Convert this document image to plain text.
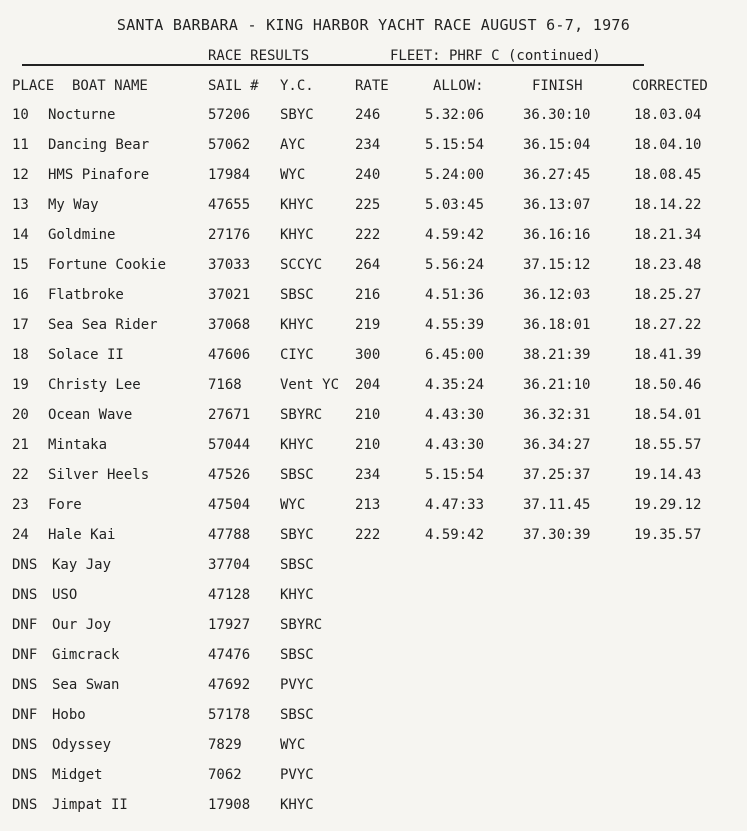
SANTA BARBARA - KING HARBOR YACHT RACE AUGUST 6-7, 1976
RACE RESULTS	FLEET: PHRF C (continued)
PLACE BOAT NAME	SAIL # Y.C.	RATE	ALLOW:	FINISH	CORRECTED
10 Nocturne	57206 SBYC	246	5.32:06	36.30:10	18.03.04
11 Dancing Bear	57062 AYC	234	5.15:54	36.15:04	18.04.10
12 HMS Pinafore	17984 WYC	240	5.24:00	36.27:45	18.08.45
13 My Way	47655 KHYC	225	5.03:45	36.13:07	18.14.22
14 Goldmine	27176 KHYC	222	4.59:42	36.16:16	18.21.34
15 Fortune Cookie	37033 SCCYC 264	5.56:24	37.15:12	18.23.48
16 Flatbroke	37021 SBSC	216	4.51:36	36.12:03	18.25.27
17 Sea Sea Rider	37068 KHYC	219	4.55:39	36.18:01	18.27.22
18 Solace II	47606 CIYC	300	6.45:00	38.21:39	18.41.39
19 Christy Lee	7168	Vent YC 204	4.35:24	36.21:10	18.50.46
20 Ocean Wave	27671 SBYRC 210	4.43:30	36.32:31	18.54.01
21 Mintaka	57044 KHYC	210	4.43:30	36.34:27	18.55.57
22 Silver Heels	47526 SBSC	234	5.15:54	37.25:37	19.14.43
23 Fore	47504 WYC	213	4.47:33	37.11.45	19.29.12
24 Hale Kai	47788 SBYC	222	4.59:42	37.30:39	19.35.57
DNS Kay Jay	37704 SBSC
DNS USO	47128 KHYC
DNF Our Joy	17927 SBYRC
DNF Gimcrack	47476 SBSC
DNS Sea Swan	47692 PVYC
DNF Hobo	57178 SBSC
DNS Odyssey	7829	WYC
DNS Midget	7062	PVYC
DNS Jimpat II	17908 KHYC
